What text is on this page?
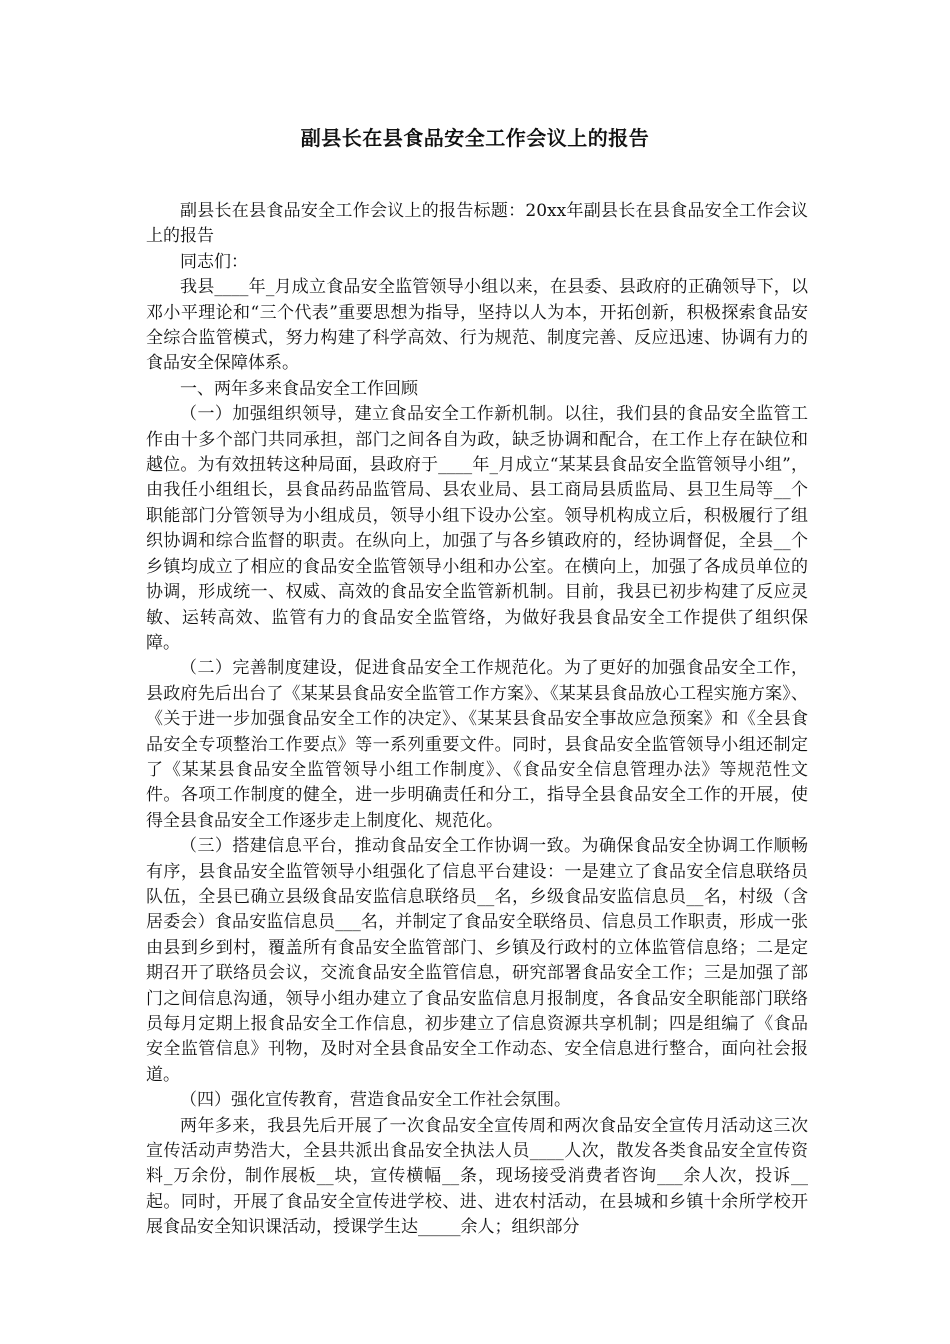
副县长在县食品安全工作会议上的报告

副县长在县食品安全工作会议上的报告标题：20xx年副县长在县食品安全工作会议上的报告

同志们：

我县____年_月成立食品安全监管领导小组以来，在县委、县政府的正确领导下，以邓小平理论和“三个代表”重要思想为指导，坚持以人为本，开拓创新，积极探索食品安全综合监管模式，努力构建了科学高效、行为规范、制度完善、反应迅速、协调有力的食品安全保障体系。

一、两年多来食品安全工作回顾

（一）加强组织领导，建立食品安全工作新机制。以往，我们县的食品安全监管工作由十多个部门共同承担，部门之间各自为政，缺乏协调和配合，在工作上存在缺位和越位。为有效扭转这种局面，县政府于____年_月成立“某某县食品安全监管领导小组”，由我任小组组长，县食品药品监管局、县农业局、县工商局县质监局、县卫生局等__个职能部门分管领导为小组成员，领导小组下设办公室。领导机构成立后，积极履行了组织协调和综合监督的职责。在纵向上，加强了与各乡镇政府的，经协调督促，全县__个乡镇均成立了相应的食品安全监管领导小组和办公室。在横向上，加强了各成员单位的协调，形成统一、权威、高效的食品安全监管新机制。目前，我县已初步构建了反应灵敏、运转高效、监管有力的食品安全监管络，为做好我县食品安全工作提供了组织保障。

（二）完善制度建设，促进食品安全工作规范化。为了更好的加强食品安全工作，县政府先后出台了《某某县食品安全监管工作方案》、《某某县食品放心工程实施方案》、《关于进一步加强食品安全工作的决定》、《某某县食品安全事故应急预案》和《全县食品安全专项整治工作要点》等一系列重要文件。同时，县食品安全监管领导小组还制定了《某某县食品安全监管领导小组工作制度》、《食品安全信息管理办法》等规范性文件。各项工作制度的健全，进一步明确责任和分工，指导全县食品安全工作的开展，使得全县食品安全工作逐步走上制度化、规范化。

（三）搭建信息平台，推动食品安全工作协调一致。为确保食品安全协调工作顺畅有序，县食品安全监管领导小组强化了信息平台建设：一是建立了食品安全信息联络员队伍，全县已确立县级食品安监信息联络员__名，乡级食品安监信息员__名，村级（含居委会）食品安监信息员___名，并制定了食品安全联络员、信息员工作职责，形成一张由县到乡到村，覆盖所有食品安全监管部门、乡镇及行政村的立体监管信息络；二是定期召开了联络员会议，交流食品安全监管信息，研究部署食品安全工作；三是加强了部门之间信息沟通，领导小组办建立了食品安监信息月报制度，各食品安全职能部门联络员每月定期上报食品安全工作信息，初步建立了信息资源共享机制；四是组编了《食品安全监管信息》刊物，及时对全县食品安全工作动态、安全信息进行整合，面向社会报道。

（四）强化宣传教育，营造食品安全工作社会氛围。

两年多来，我县先后开展了一次食品安全宣传周和两次食品安全宣传月活动这三次宣传活动声势浩大，全县共派出食品安全执法人员____人次，散发各类食品安全宣传资料_万余份，制作展板__块，宣传横幅__条，现场接受消费者咨询___余人次，投诉__起。同时，开展了食品安全宣传进学校、进、进农村活动，在县城和乡镇十余所学校开展食品安全知识课活动，授课学生达_____余人；组织部分
